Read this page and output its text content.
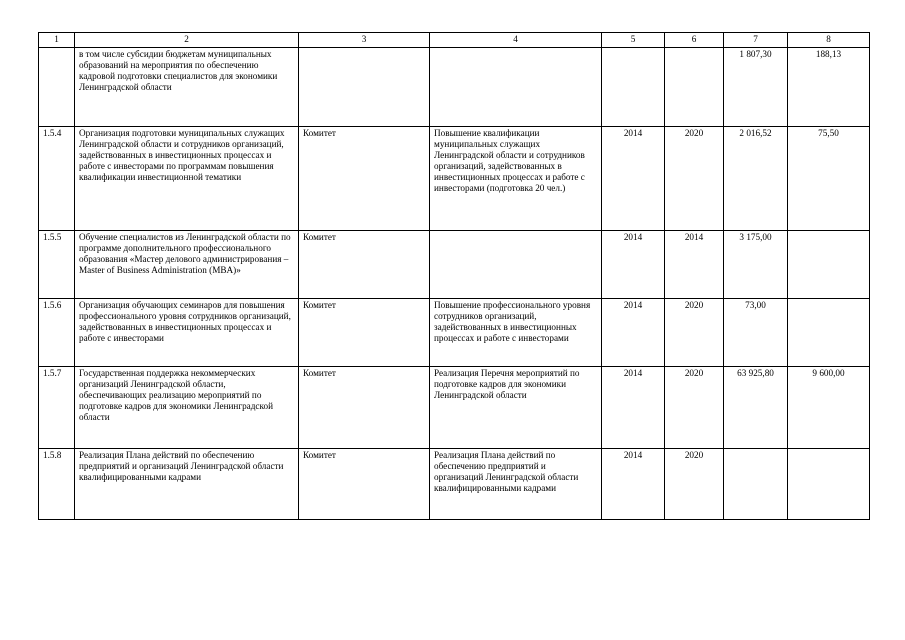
1	2	3	4	5	6	7	8
	в том числе субсидии бюджетам муниципальных образований на мероприятия по обеспечению кадровой подготовки специалистов для экономики Ленинградской области					1 807,30	188,13
1.5.4	Организация подготовки муниципальных служащих Ленинградской области и сотрудников организаций, задействованных в инвестиционных процессах и работе с инвесторами по программам повышения квалификации инвестиционной тематики	Комитет	Повышение квалификации муниципальных служащих Ленинградской области и сотрудников организаций, задействованных в инвестиционных процессах и работе с инвесторами (подготовка 20 чел.)	2014	2020	2 016,52	75,50
1.5.5	Обучение специалистов из Ленинградской области по программе дополнительного профессионального образования «Мастер делового администрирования – Master of Business Administration (MBA)»	Комитет		2014	2014	3 175,00	
1.5.6	Организация обучающих семинаров для повышения профессионального уровня сотрудников организаций, задействованных в инвестиционных процессах и работе с инвесторами	Комитет	Повышение профессионального уровня сотрудников организаций, задействованных в инвестиционных процессах и работе с инвесторами	2014	2020	73,00	
1.5.7	Государственная поддержка некоммерческих организаций Ленинградской области, обеспечивающих реализацию мероприятий по подготовке кадров для экономики Ленинградской области	Комитет	Реализация Перечня мероприятий по подготовке кадров для экономики Ленинградской области	2014	2020	63 925,80	9 600,00
1.5.8	Реализация Плана действий по обеспечению предприятий и организаций Ленинградской области квалифицированными кадрами	Комитет	Реализация Плана действий по обеспечению предприятий и организаций Ленинградской области квалифицированными кадрами	2014	2020		
